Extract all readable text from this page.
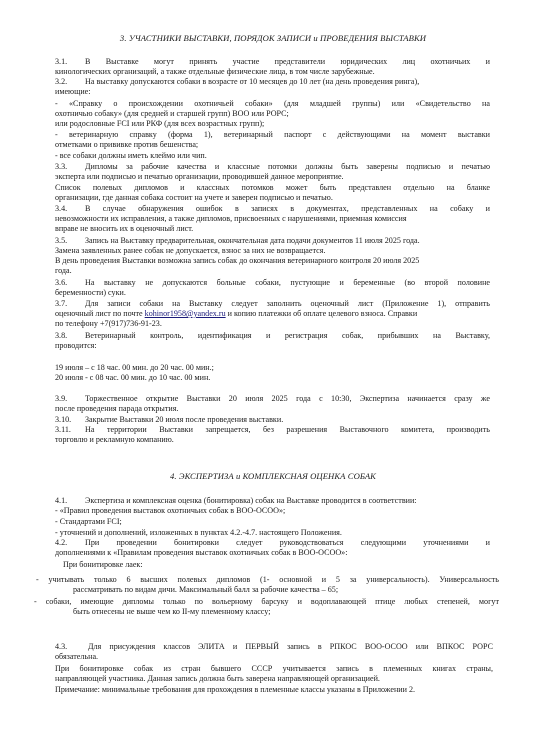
3. УЧАСТНИКИ ВЫСТАВКИ, ПОРЯДОК ЗАПИСИ и ПРОВЕДЕНИЯ ВЫСТАВКИ
3.1. В Выставке могут принять участие представители юридических лиц охотничьих и
кинологических организаций, а также отдельные физические лица, в том числе зарубежные.
3.2. На выставку допускаются собаки в возрасте от 10 месяцев до 10 лет (на день проведения ринга),
имеющие:
- «Справку о происхождении охотничьей собаки» (для младшей группы) или «Свидетельство на
охотничью собаку» (для средней и старшей групп) ВОО или РОРС;
или родословные FCI или РКФ (для всех возрастных групп);
- ветеринарную справку (форма 1), ветеринарный паспорт с действующими на момент выставки
отметками о прививке против бешенства;
- все собаки должны иметь клеймо или чип.
3.3. Дипломы за рабочие качества и классные потомки должны быть заверены подписью и печатью
эксперта или подписью и печатью организации, проводившей данное мероприятие.
Список полевых дипломов и классных потомков может быть представлен отдельно на бланке
организации, где данная собака состоит на учете и заверен подписью и печатью.
3.4. В случае обнаружения ошибок в записях в документах, представленных на собаку и
невозможности их исправления, а также дипломов, присвоенных с нарушениями, приемная комиссия
вправе не вносить их в оценочный лист.
3.5. Запись на Выставку предварительная, окончательная дата подачи документов 11 июля 2025 года.
Замена заявленных ранее собак не допускается, взнос за них не возвращается.
В день проведения Выставки возможна запись собак до окончания ветеринарного контроля 20 июля 2025
года.
3.6. На выставку не допускаются больные собаки, пустующие и беременные (во второй половине
беременности) суки.
3.7. Для записи собаки на Выставку следует заполнить оценочный лист (Приложение 1), отправить
оценочный лист по почте kohinor1958@yandex.ru и копию платежки об оплате целевого взноса. Справки
по телефону +7(917)736-91-23.
3.8. Ветеринарный контроль, идентификация и регистрация собак, прибывших на Выставку,
проводится:
19 июля – с 18 час. 00 мин. до 20 час. 00 мин.;
20 июля - с 08 час. 00 мин. до 10 час. 00 мин.
3.9. Торжественное открытие Выставки 20 июля 2025 года с 10:30, Экспертиза начинается сразу же
после проведения парада открытия.
3.10. Закрытие Выставки 20 июля после проведения выставки.
3.11. На территории Выставки запрещается, без разрешения Выставочного комитета, производить
торговлю и рекламную компанию.
4. ЭКСПЕРТИЗА и КОМПЛЕКСНАЯ ОЦЕНКА СОБАК
4.1. Экспертиза и комплексная оценка (бонитировка) собак на Выставке проводится в соответствии:
- «Правил проведения выставок охотничьих собак в ВОО-ОСОО»;
- Стандартами FCI;
- уточнений и дополнений, изложенных в пунктах 4.2.-4.7. настоящего Положения.
4.2. При проведении бонитировки следует руководствоваться следующими уточнениями и
дополнениями к «Правилам проведения выставок охотничьих собак в ВОО-ОСОО»:
При бонитировке лаек:
- учитывать только 6 высших полевых дипломов (1- основной и 5 за универсальность). Универсальность
рассматривать по видам дичи. Максимальный балл за рабочие качества – 65;
- собаки, имеющие дипломы только по вольерному барсуку и водоплавающей птице любых степеней, могут
быть отнесены не выше чем ко II-му племенному классу;
4.3.	Для присуждения классов ЭЛИТА и ПЕРВЫЙ запись в РПКОС ВОО-ОСОО или ВПКОС РОРС
обязательна.
При бонитировке собак из стран бывшего СССР учитывается запись в племенных книгах страны,
направляющей участника. Данная запись должна быть заверена направляющей организацией.
Примечание: минимальные требования для прохождения в племенные классы указаны в Приложении 2.
